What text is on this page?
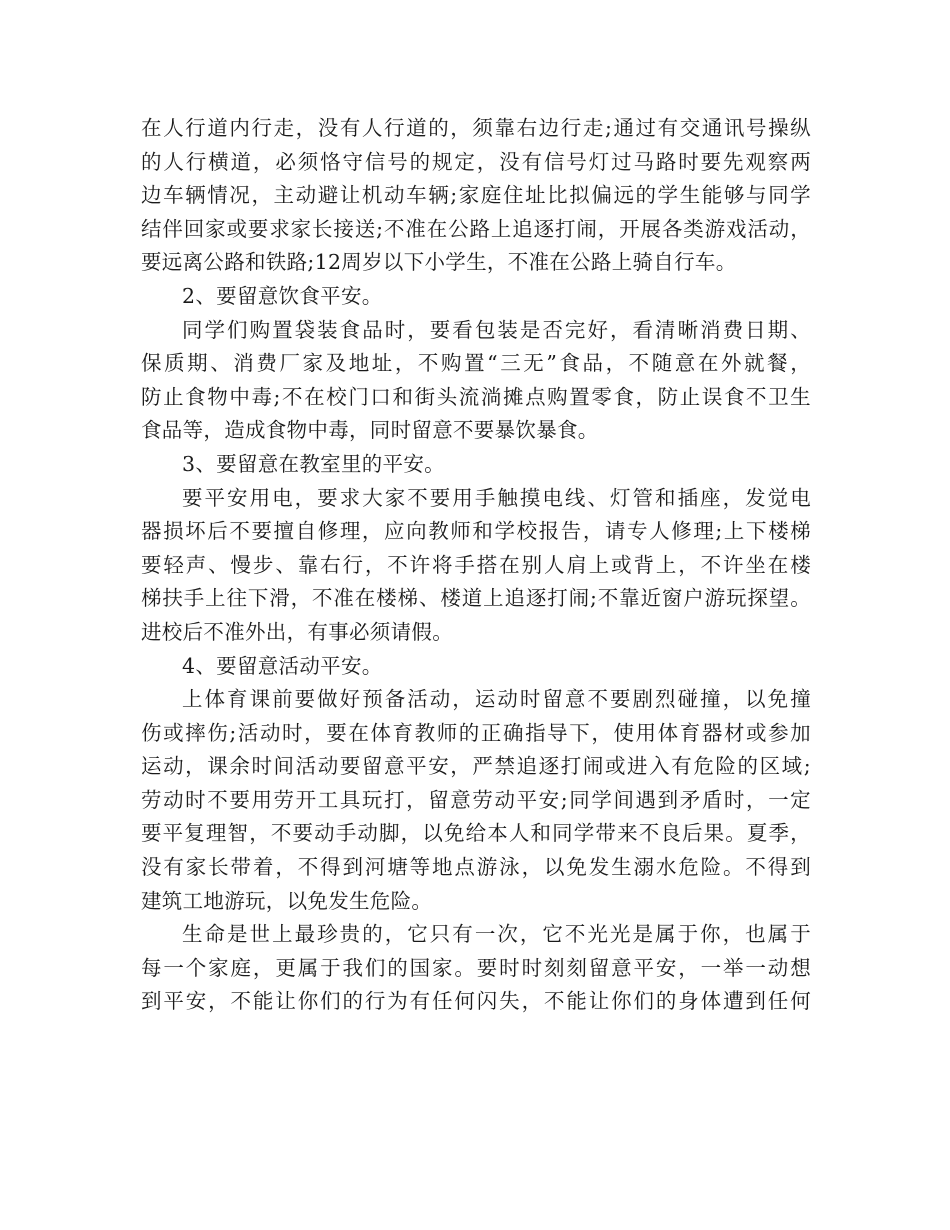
在人行道内行走，没有人行道的，须靠右边行走;通过有交通讯号操纵
的人行横道，必须恪守信号的规定，没有信号灯过马路时要先观察两
边车辆情况，主动避让机动车辆;家庭住址比拟偏远的学生能够与同学
结伴回家或要求家长接送;不准在公路上追逐打闹，开展各类游戏活动，
要远离公路和铁路;12周岁以下小学生，不准在公路上骑自行车。
2、要留意饮食平安。
同学们购置袋装食品时，要看包装是否完好，看清晰消费日期、
保质期、消费厂家及地址，不购置“三无”食品，不随意在外就餐，
防止食物中毒;不在校门口和街头流淌摊点购置零食，防止误食不卫生
食品等，造成食物中毒，同时留意不要暴饮暴食。
3、要留意在教室里的平安。
要平安用电，要求大家不要用手触摸电线、灯管和插座，发觉电
器损坏后不要擅自修理，应向教师和学校报告，请专人修理;上下楼梯
要轻声、慢步、靠右行，不许将手搭在别人肩上或背上，不许坐在楼
梯扶手上往下滑，不准在楼梯、楼道上追逐打闹;不靠近窗户游玩探望。
进校后不准外出，有事必须请假。
4、要留意活动平安。
上体育课前要做好预备活动，运动时留意不要剧烈碰撞，以免撞
伤或摔伤;活动时，要在体育教师的正确指导下，使用体育器材或参加
运动，课余时间活动要留意平安，严禁追逐打闹或进入有危险的区域;
劳动时不要用劳开工具玩打，留意劳动平安;同学间遇到矛盾时，一定
要平复理智，不要动手动脚，以免给本人和同学带来不良后果。夏季，
没有家长带着，不得到河塘等地点游泳，以免发生溺水危险。不得到
建筑工地游玩，以免发生危险。
生命是世上最珍贵的，它只有一次，它不光光是属于你，也属于
每一个家庭，更属于我们的国家。要时时刻刻留意平安，一举一动想
到平安，不能让你们的行为有任何闪失，不能让你们的身体遭到任何
